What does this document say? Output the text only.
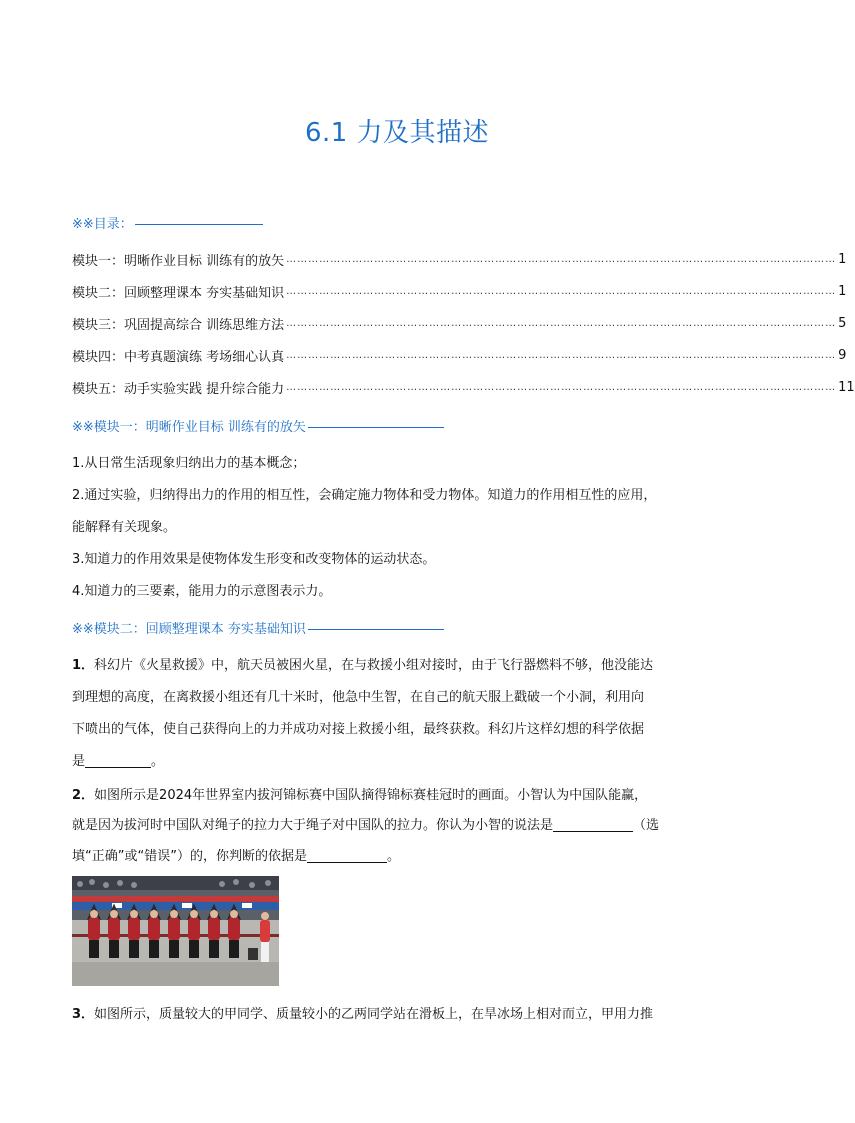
6.1 力及其描述
※※目录：
模块一：明晰作业目标 训练有的放矢 …………………………………………………………………………………………………………………………………… 1
模块二：回顾整理课本 夯实基础知识 …………………………………………………………………………………………………………………………………… 1
模块三：巩固提高综合 训练思维方法 …………………………………………………………………………………………………………………………………… 5
模块四：中考真题演练 考场细心认真 …………………………………………………………………………………………………………………………………… 9
模块五：动手实验实践 提升综合能力 …………………………………………………………………………………………………………………………………… 11
※※模块一：明晰作业目标 训练有的放矢
1.从日常生活现象归纳出力的基本概念；
2.通过实验，归纳得出力的作用的相互性，会确定施力物体和受力物体。知道力的作用相互性的应用，
能解释有关现象。
3.知道力的作用效果是使物体发生形变和改变物体的运动状态。
4.知道力的三要素，能用力的示意图表示力。
※※模块二：回顾整理课本 夯实基础知识
1．科幻片《火星救援》中，航天员被困火星，在与救援小组对接时，由于飞行器燃料不够，他没能达
到理想的高度，在离救援小组还有几十米时，他急中生智，在自己的航天服上戳破一个小洞，利用向
下喷出的气体，使自己获得向上的力并成功对接上救援小组，最终获救。科幻片这样幻想的科学依据
是	。
2．如图所示是2024年世界室内拔河锦标赛中国队摘得锦标赛桂冠时的画面。小智认为中国队能赢，
就是因为拔河时中国队对绳子的拉力大于绳子对中国队的拉力。你认为小智的说法是	（选
填“正确”或“错误”）的，你判断的依据是	。
3．如图所示，质量较大的甲同学、质量较小的乙两同学站在滑板上，在旱冰场上相对而立，甲用力推
